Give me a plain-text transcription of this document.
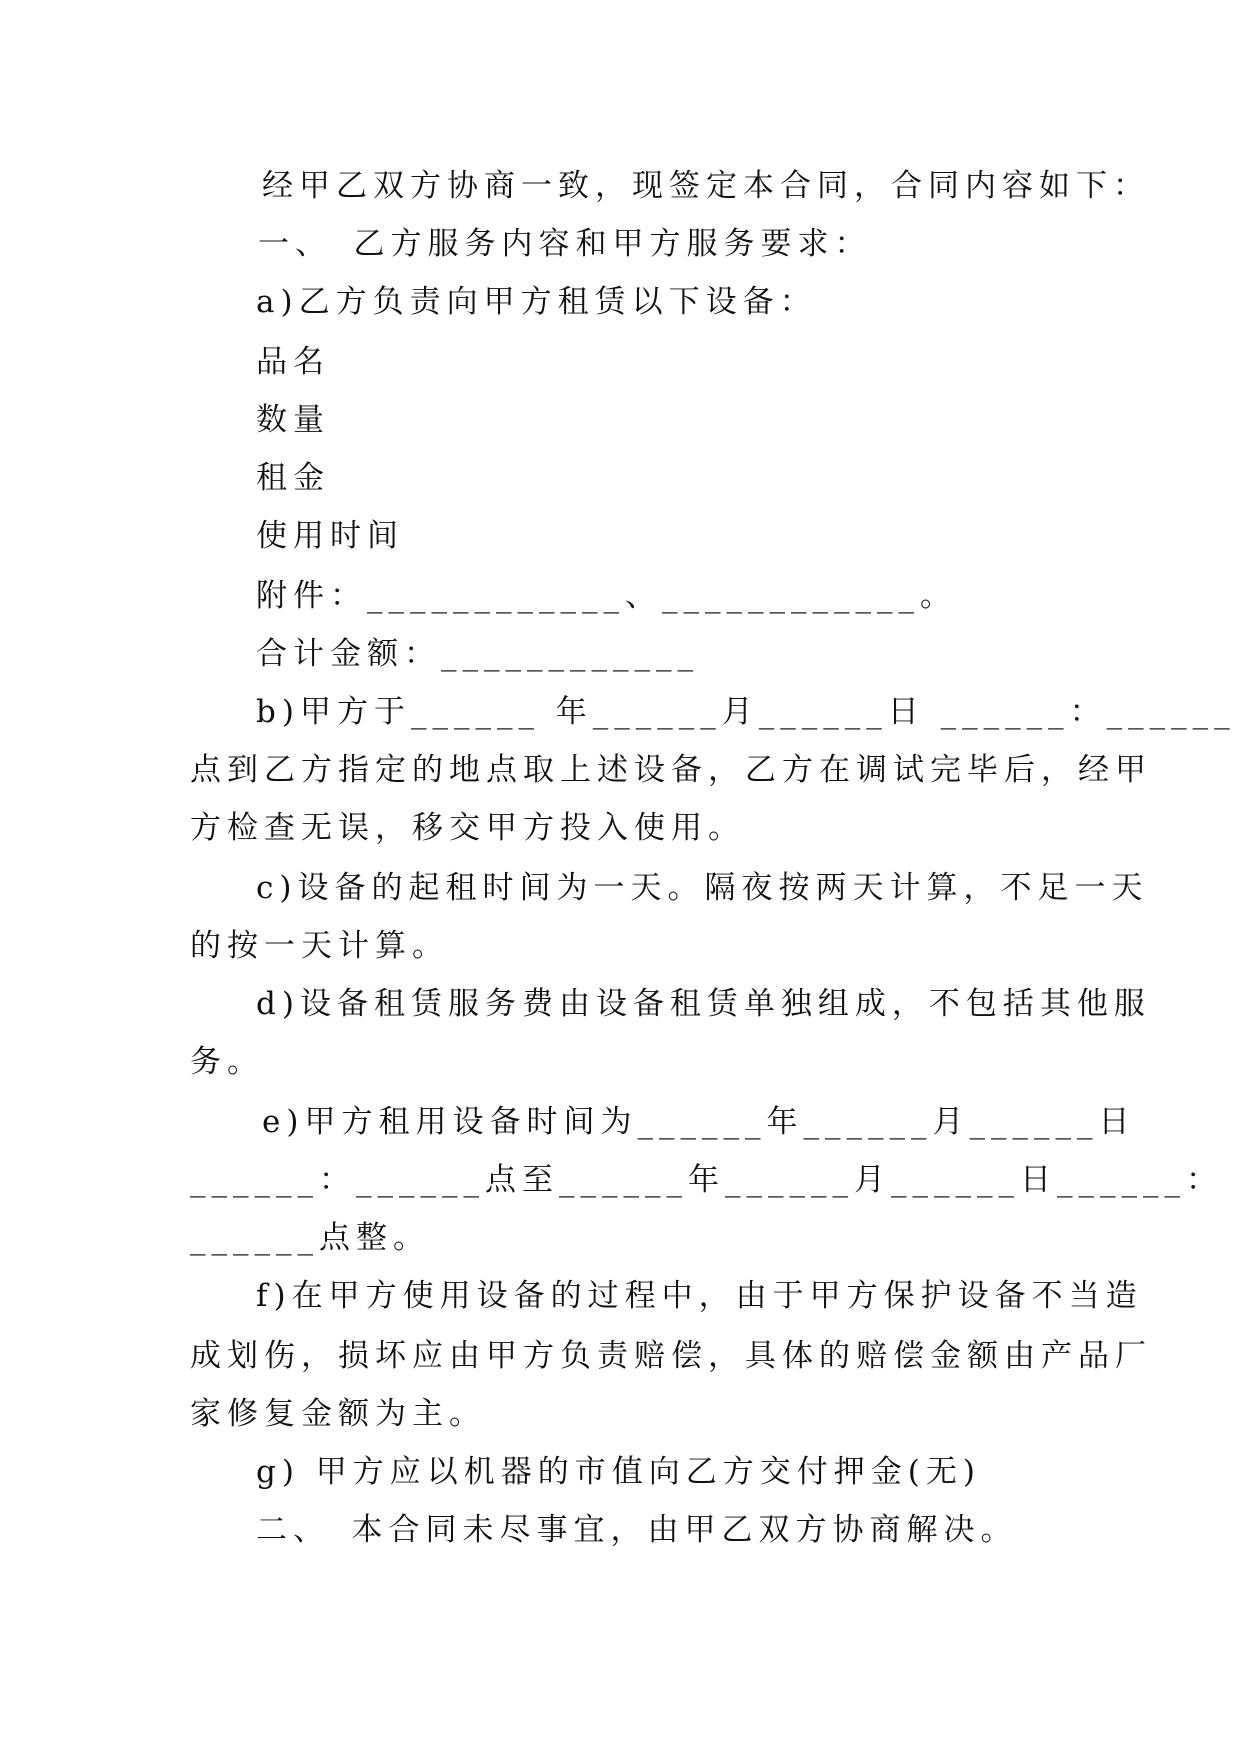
经甲乙双方协商一致，现签定本合同，合同内容如下：
一、　乙方服务内容和甲方服务要求：
a)乙方负责向甲方租赁以下设备：
品名
数量
租金
使用时间
附件：____________、____________。
合计金额：____________
b)甲方于______ 年______月______日 ______：______
点到乙方指定的地点取上述设备，乙方在调试完毕后，经甲
方检查无误，移交甲方投入使用。
c)设备的起租时间为一天。隔夜按两天计算，不足一天
的按一天计算。
d)设备租赁服务费由设备租赁单独组成，不包括其他服
务。
e)甲方租用设备时间为______年______月______日
______：______点至______年______月______日______：
______点整。
f)在甲方使用设备的过程中，由于甲方保护设备不当造
成划伤，损坏应由甲方负责赔偿，具体的赔偿金额由产品厂
家修复金额为主。
g) 甲方应以机器的市值向乙方交付押金(无)
二、　本合同未尽事宜，由甲乙双方协商解决。
